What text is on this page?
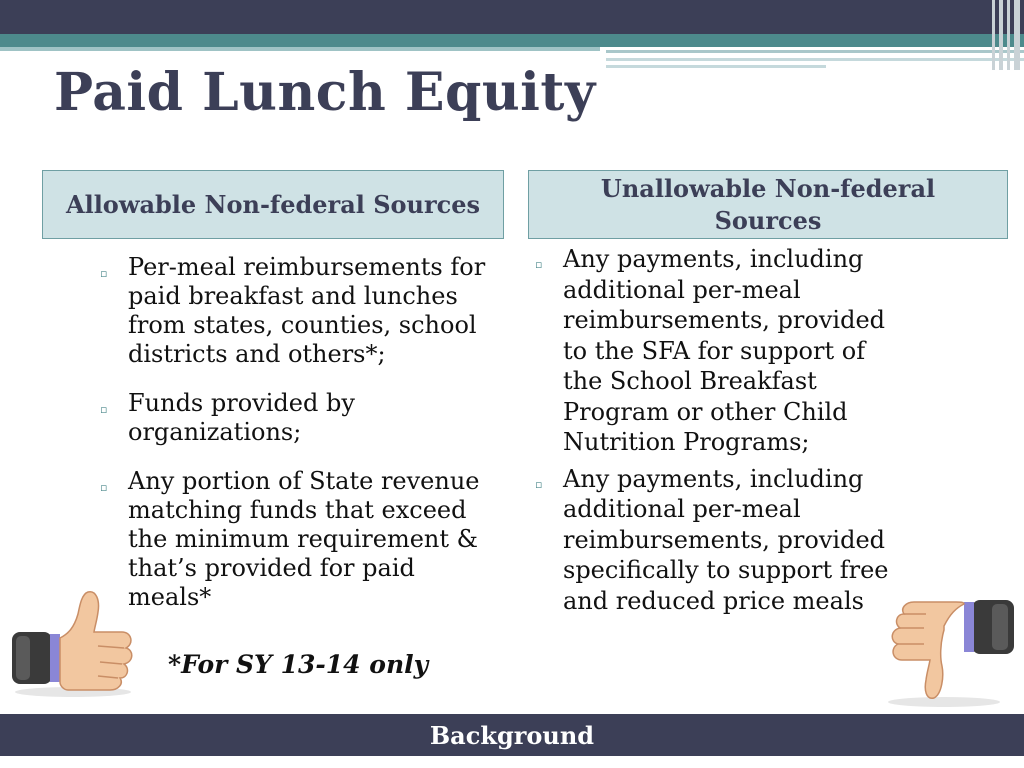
Paid Lunch Equity
Allowable Non-federal Sources
Unallowable Non-federal Sources
▫ Per-meal reimbursements for paid breakfast and lunches from states, counties, school districts and others*;
▫ Funds provided by organizations;
▫ Any portion of State revenue matching funds that exceed the minimum requirement & that’s provided for paid meals*
▫ Any payments, including additional per-meal reimbursements, provided to the SFA for support of the School Breakfast Program or other Child Nutrition Programs;
▫ Any payments, including additional per-meal reimbursements, provided specifically to support free and reduced price meals
*For SY 13-14 only
Background
